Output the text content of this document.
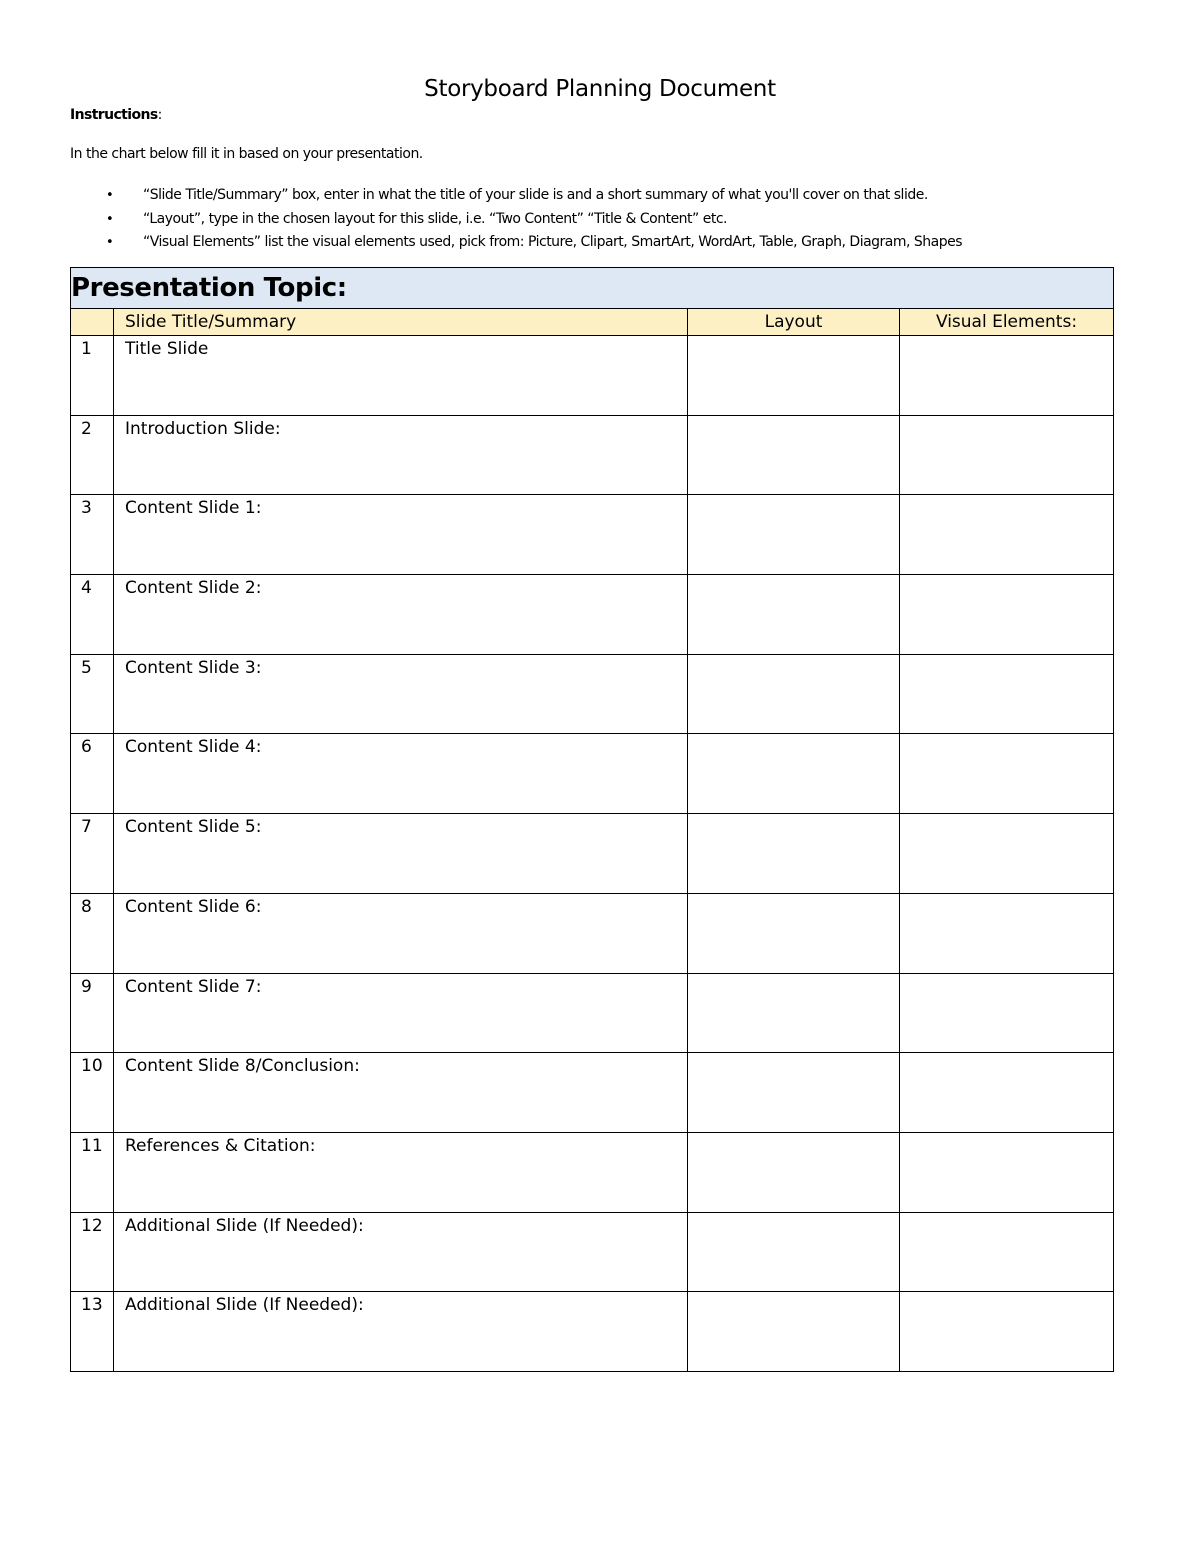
Storyboard Planning Document
Instructions:
In the chart below fill it in based on your presentation.
• “Slide Title/Summary” box, enter in what the title of your slide is and a short summary of what you'll cover on that slide.
• “Layout”, type in the chosen layout for this slide, i.e. “Two Content” “Title & Content” etc.
• “Visual Elements” list the visual elements used, pick from: Picture, Clipart, SmartArt, WordArt, Table, Graph, Diagram, Shapes
Presentation Topic:			
	Slide Title/Summary	Layout	Visual Elements:
1	Title Slide		
2	Introduction Slide:		
3	Content Slide 1:		
4	Content Slide 2:		
5	Content Slide 3:		
6	Content Slide 4:		
7	Content Slide 5:		
8	Content Slide 6:		
9	Content Slide 7:		
10	Content Slide 8/Conclusion:		
11	References & Citation:		
12	Additional Slide (If Needed):		
13	Additional Slide (If Needed):		
